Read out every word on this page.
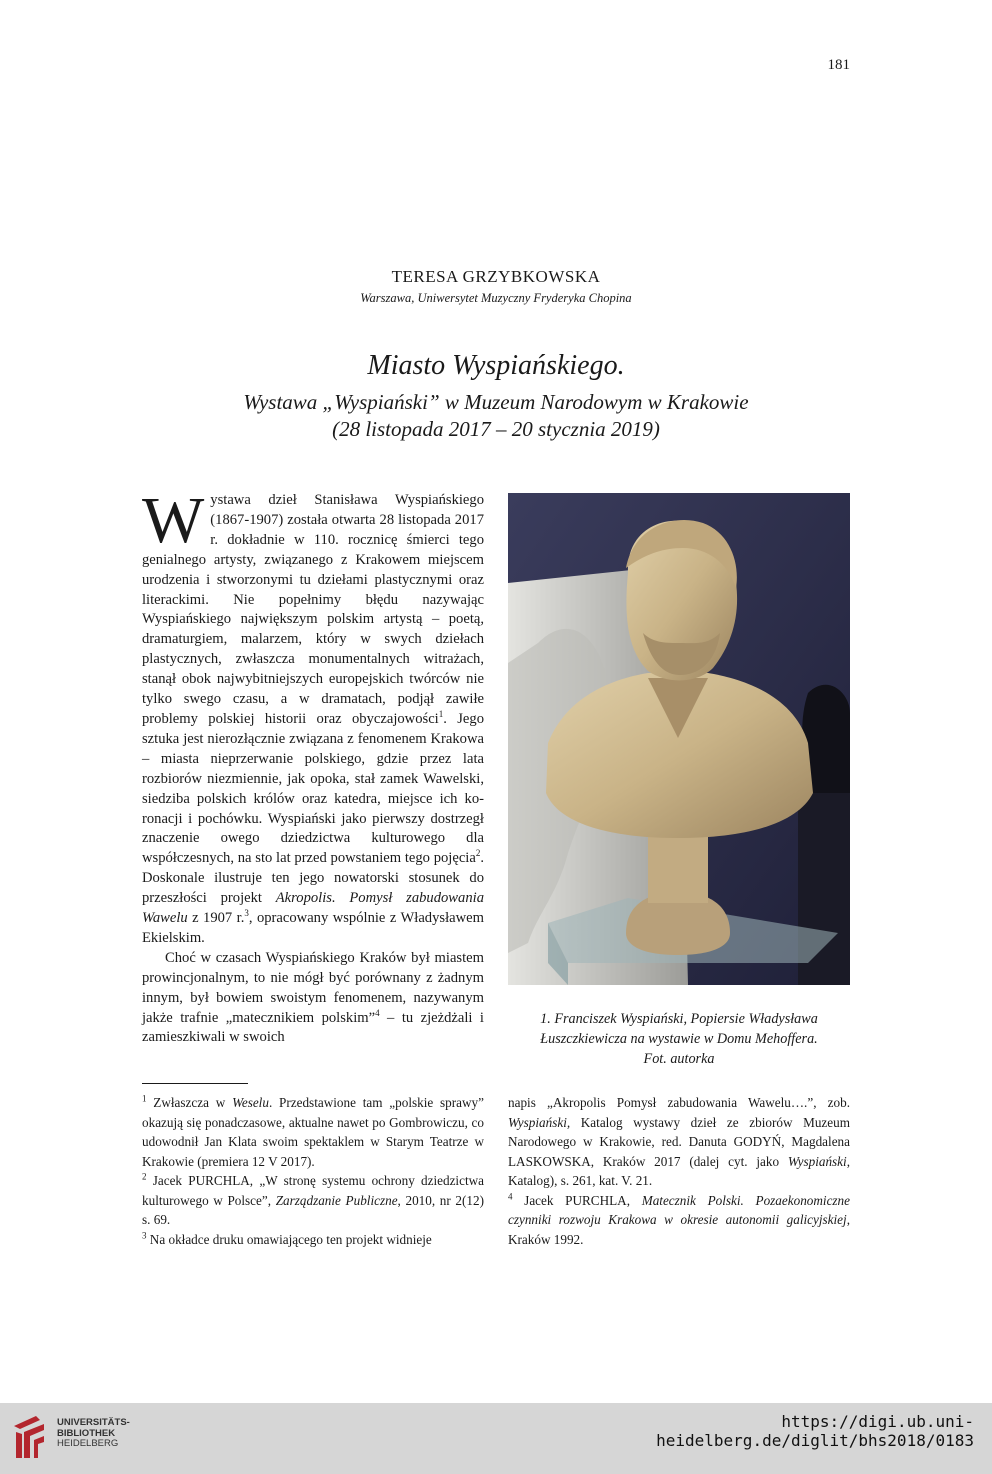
181
TERESA GRZYBKOWSKA
Warszawa, Uniwersytet Muzyczny Fryderyka Chopina
Miasto Wyspiańskiego.
Wystawa „Wyspiański” w Muzeum Narodowym w Krakowie
(28 listopada 2017 – 20 stycznia 2019)

Wystawa dzieł Stanisława Wyspiańskiego (1867-1907) została otwarta 28 listopada 2017 r. dokładnie w 110. rocznicę śmierci tego genialnego artysty, związanego z Krakowem miejscem urodzenia i stworzonymi tu dziełami plastycznymi oraz literackimi. Nie popełnimy błędu nazywając Wyspiańskiego największym polskim artystą – poetą, dramaturgiem, malarzem, który w swych dziełach plastycznych, zwłaszcza monumentalnych witrażach, stanął obok najwybitniejszych europejskich twórców nie tylko swego czasu, a w dramatach, podjął zawiłe problemy polskiej historii oraz obyczajowości$^1$. Jego sztuka jest nierozłącznie związana z fenomenem Krakowa – miasta nieprzerwanie polskiego, gdzie przez lata rozbiorów niezmiennie, jak opoka, stał zamek Wawelski, siedziba polskich królów oraz katedra, miejsce ich koronacji i pochówku. Wyspiański jako pierwszy dostrzegł znaczenie owego dziedzictwa kulturowego dla współczesnych, na sto lat przed powstaniem tego pojęcia$^2$. Doskonale ilustruje ten jego nowatorski stosunek do przeszłości projekt Akropolis. Pomysł zabudowania Wawelu z 1907 r.$^3$, opracowany wspólnie z Władysławem Ekielskim.

Choć w czasach Wyspiańskiego Kraków był miastem prowincjonalnym, to nie mógł być porównany z żadnym innym, był bowiem swoistym fenomenem, nazywanym jakże trafnie „matecznikiem polskim”$^4$ – tu zjeżdżali i zamieszkiwali w swoich

1. Franciszek Wyspiański, Popiersie Władysława
Łuszczkiewicza na wystawie w Domu Mehoffera.
Fot. autorka

$^1$ Zwłaszcza w Weselu. Przedstawione tam „polskie sprawy” okazują się ponadczasowe, aktualne nawet po Gombrowiczu, co udowodnił Jan Klata swoim spektaklem w Starym Teatrze w Krakowie (premiera 12 V 2017).

$^2$ Jacek PURCHLA, „W stronę systemu ochrony dziedzictwa kulturowego w Polsce”, Zarządzanie Publiczne, 2010, nr 2(12) s. 69.

$^3$ Na okładce druku omawiającego ten projekt widnieje

napis „Akropolis Pomysł zabudowania Wawelu….”, zob. Wyspiański, Katalog wystawy dzieł ze zbiorów Muzeum Narodowego w Krakowie, red. Danuta GODYŃ, Magdalena LASKOWSKA, Kraków 2017 (dalej cyt. jako Wyspiański, Katalog), s. 261, kat. V. 21.

$^4$ Jacek PURCHLA, Matecznik Polski. Pozaekonomiczne czynniki rozwoju Krakowa w okresie autonomii galicyjskiej, Kraków 1992.

UNIVERSITÄTS-
BIBLIOTHEK
HEIDELBERG
https://digi.ub.uni-heidelberg.de/diglit/bhs2018/0183
